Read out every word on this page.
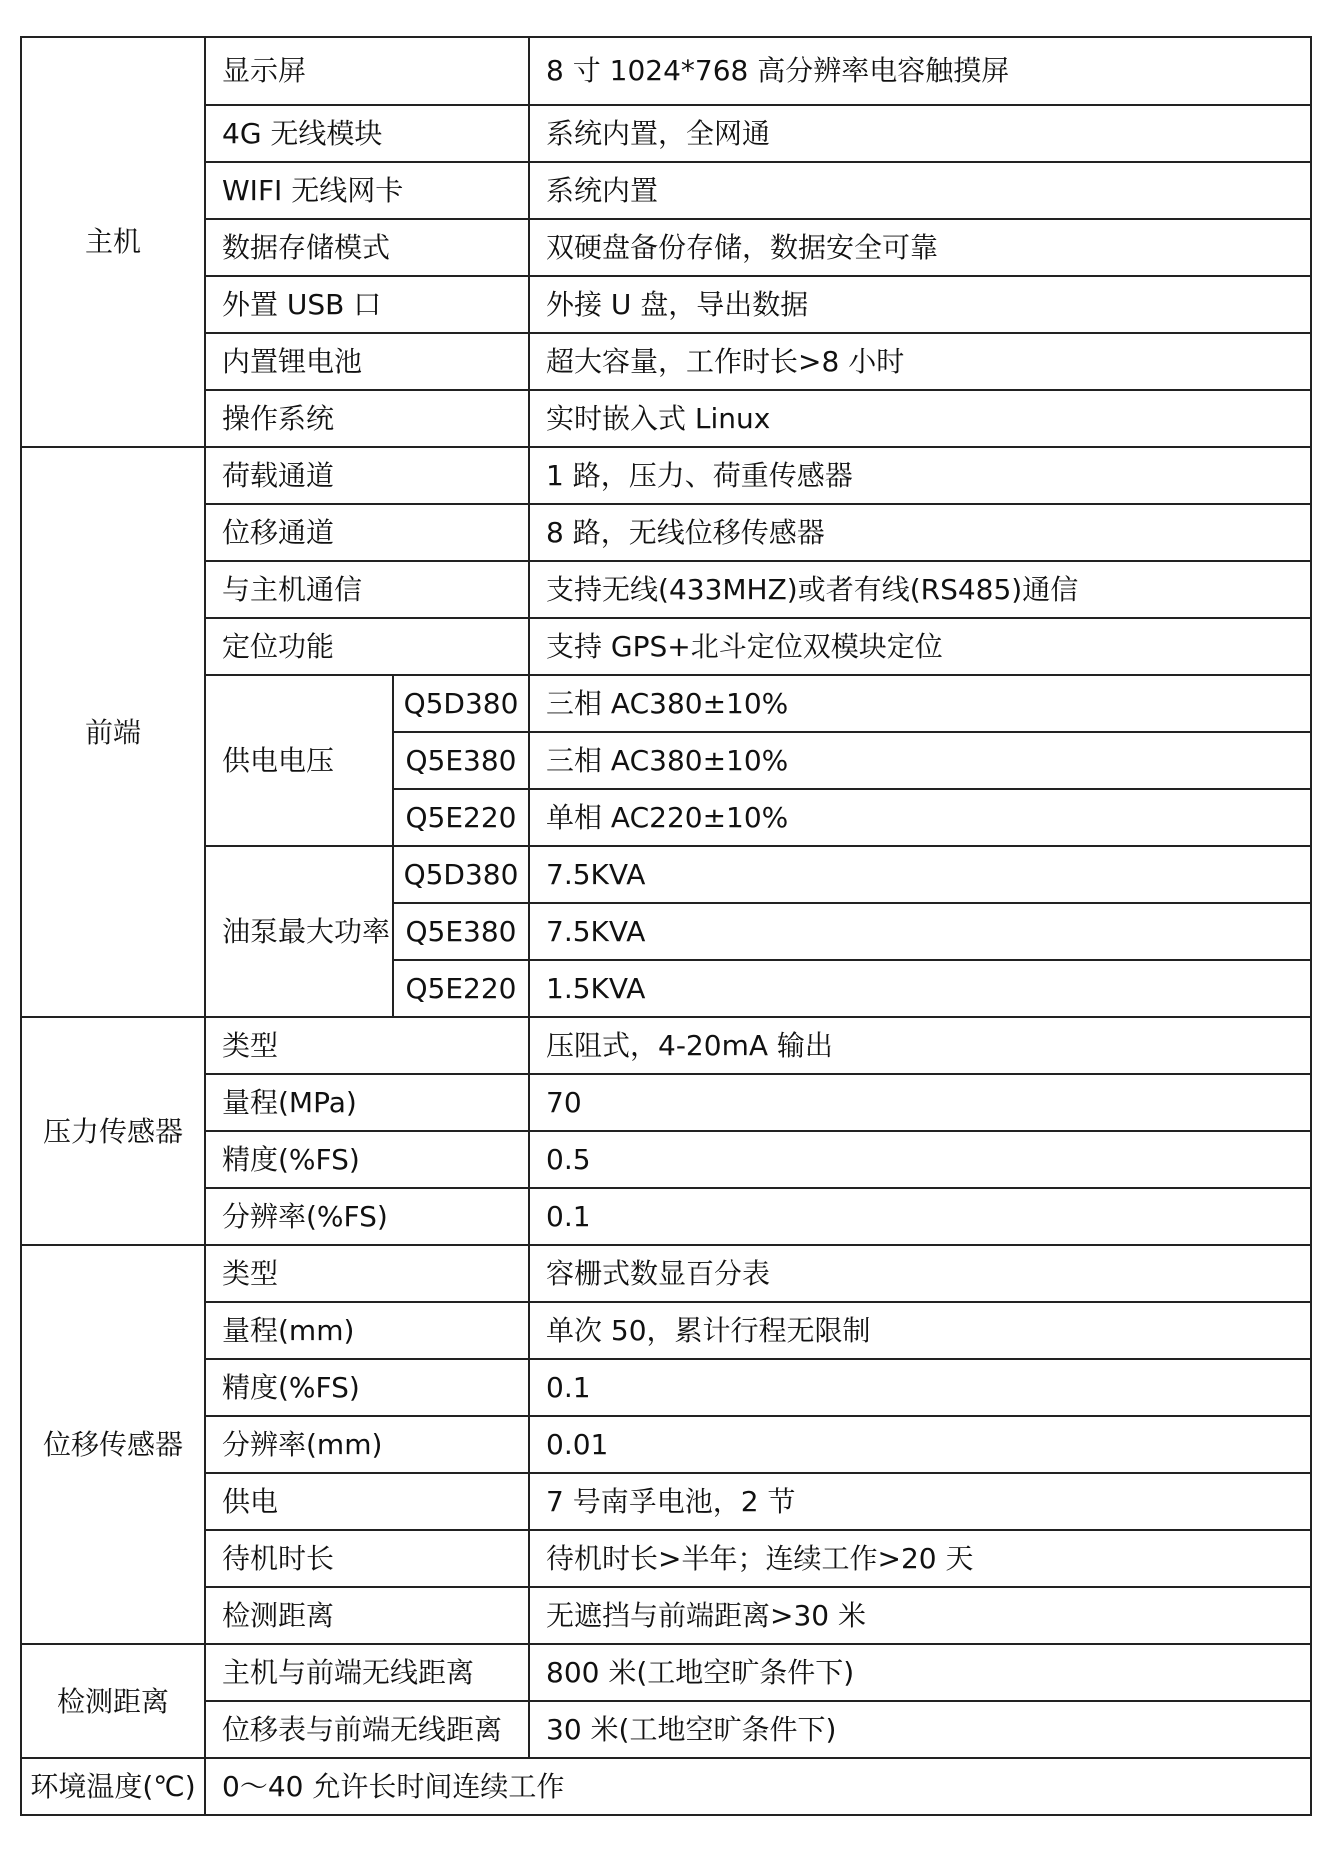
主机	显示屏		8 寸 1024*768 高分辨率电容触摸屏
	4G 无线模块		系统内置，全网通
	WIFI 无线网卡		系统内置
	数据存储模式		双硬盘备份存储，数据安全可靠
	外置 USB 口		外接 U 盘，导出数据
	内置锂电池		超大容量，工作时长>8 小时
	操作系统		实时嵌入式 Linux
前端	荷载通道		1 路，压力、荷重传感器
	位移通道		8 路，无线位移传感器
	与主机通信		支持无线(433MHZ)或者有线(RS485)通信
	定位功能		支持 GPS+北斗定位双模块定位
	供电电压	Q5D380	三相 AC380±10%
		Q5E380	三相 AC380±10%
		Q5E220	单相 AC220±10%
	油泵最大功率	Q5D380	7.5KVA
		Q5E380	7.5KVA
		Q5E220	1.5KVA
压力传感器	类型		压阻式，4-20mA 输出
	量程(MPa)		70
	精度(%FS)		0.5
	分辨率(%FS)		0.1
位移传感器	类型		容栅式数显百分表
	量程(mm)		单次 50，累计行程无限制
	精度(%FS)		0.1
	分辨率(mm)		0.01
	供电		7 号南孚电池，2 节
	待机时长		待机时长>半年；连续工作>20 天
	检测距离		无遮挡与前端距离>30 米
检测距离	主机与前端无线距离		800 米(工地空旷条件下)
	位移表与前端无线距离		30 米(工地空旷条件下)
环境温度(℃)	0～40 允许长时间连续工作		
